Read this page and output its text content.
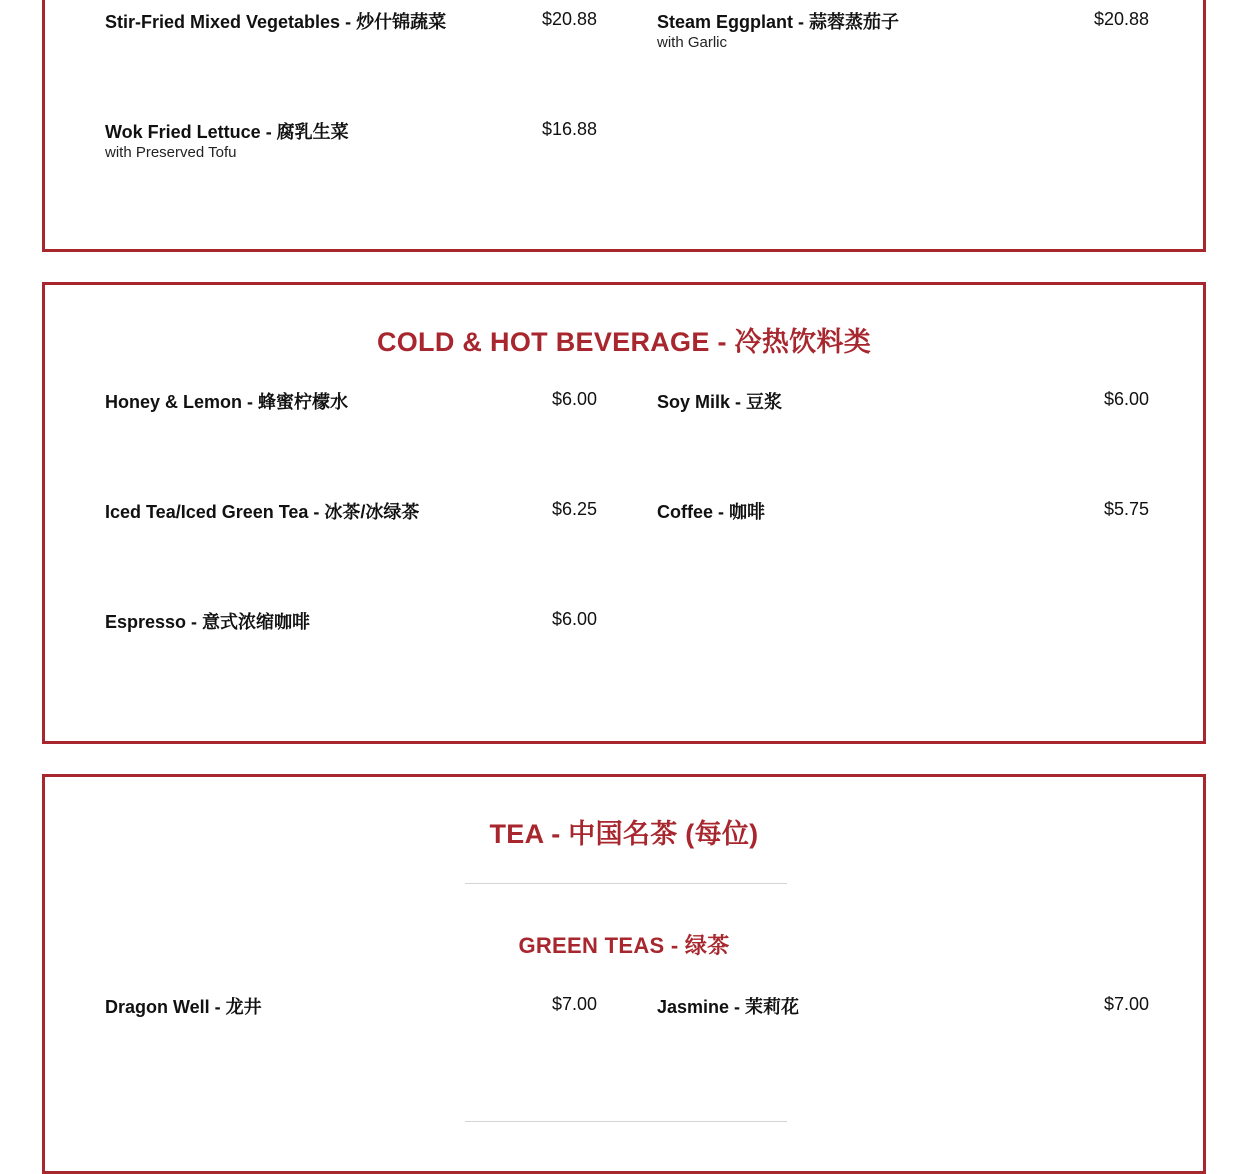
Stir-Fried Mixed Vegetables - 炒什锦蔬菜	$20.88	Steam Eggplant - 蒜蓉蒸茄子	$20.88
with Garlic
Wok Fried Lettuce - 腐乳生菜	$16.88
with Preserved Tofu
COLD & HOT BEVERAGE - 冷热饮料类
Honey & Lemon - 蜂蜜柠檬水	$6.00	Soy Milk - 豆浆	$6.00
Iced Tea/Iced Green Tea - 冰茶/冰绿茶	$6.25	Coffee - 咖啡	$5.75
Espresso - 意式浓缩咖啡	$6.00
TEA - 中国名茶 (每位)
GREEN TEAS - 绿茶
Dragon Well - 龙井	$7.00	Jasmine - 茉莉花	$7.00
